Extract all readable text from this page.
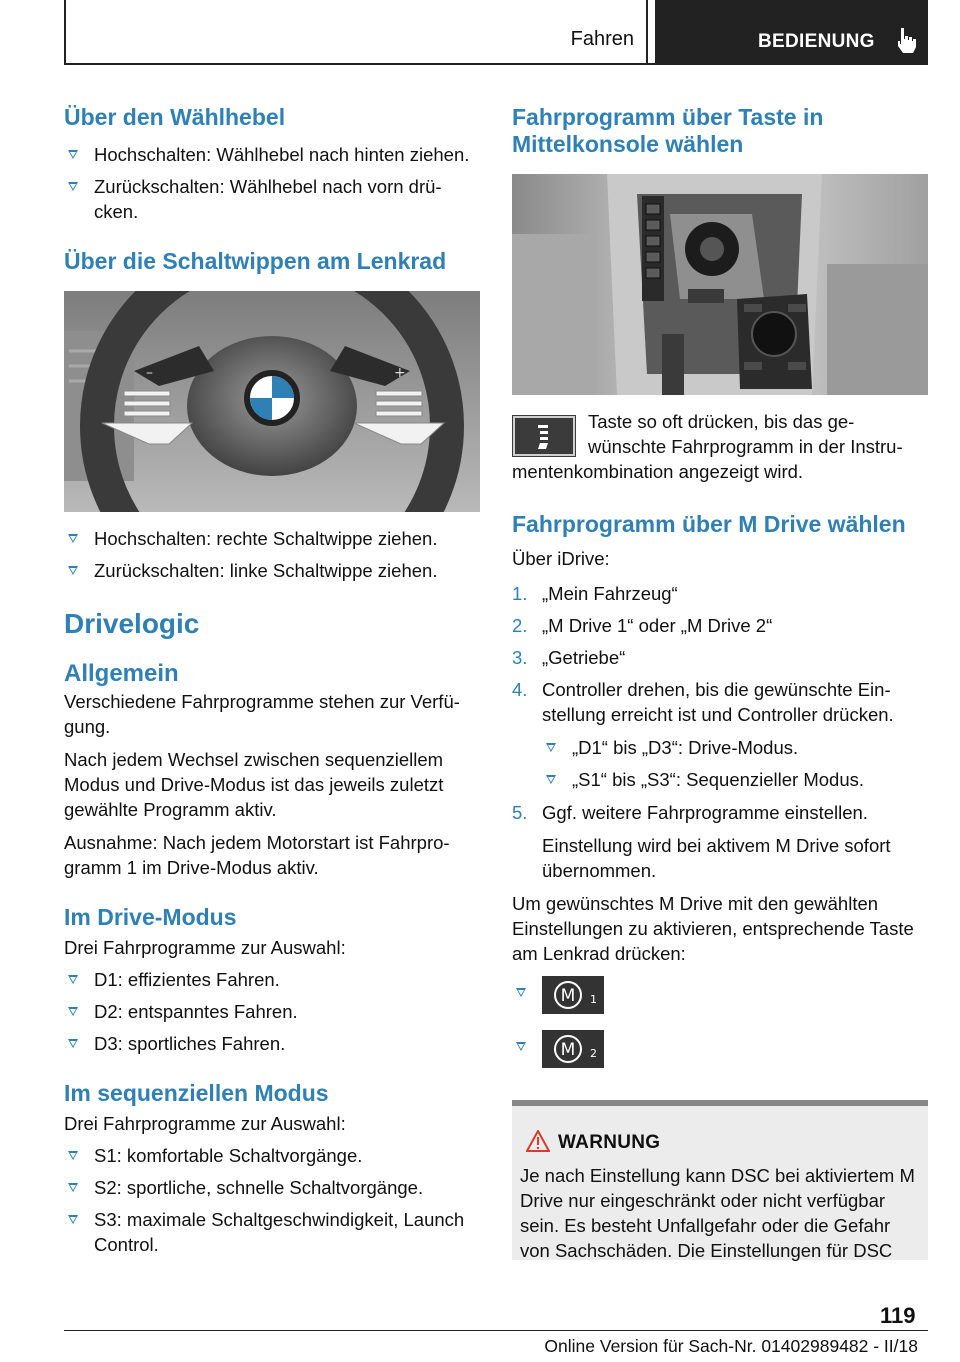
Fahren	BEDIENUNG
Über den Wählhebel
Hochschalten: Wählhebel nach hinten ziehen.
Zurückschalten: Wählhebel nach vorn drü-cken.
Über die Schaltwippen am Lenkrad
–	+
Hochschalten: rechte Schaltwippe ziehen.
Zurückschalten: linke Schaltwippe ziehen.
Drivelogic
Allgemein
Verschiedene Fahrprogramme stehen zur Verfü-gung.
Nach jedem Wechsel zwischen sequenziellem Modus und Drive-Modus ist das jeweils zuletzt gewählte Programm aktiv.
Ausnahme: Nach jedem Motorstart ist Fahrpro-gramm 1 im Drive-Modus aktiv.
Im Drive-Modus
Drei Fahrprogramme zur Auswahl:
D1: effizientes Fahren.
D2: entspanntes Fahren.
D3: sportliches Fahren.
Im sequenziellen Modus
Drei Fahrprogramme zur Auswahl:
S1: komfortable Schaltvorgänge.
S2: sportliche, schnelle Schaltvorgänge.
S3: maximale Schaltgeschwindigkeit, Launch Control.
Fahrprogramm über Taste in Mittelkonsole wählen
Taste so oft drücken, bis das ge-
wünschte Fahrprogramm in der Instru-
mentenkombination angezeigt wird.
Fahrprogramm über M Drive wählen
Über iDrive:
1. „Mein Fahrzeug“
2. „M Drive 1“ oder „M Drive 2“
3. „Getriebe“
4. Controller drehen, bis die gewünschte Ein-stellung erreicht ist und Controller drücken.
„D1“ bis „D3“: Drive-Modus.
„S1“ bis „S3“: Sequenzieller Modus.
5. Ggf. weitere Fahrprogramme einstellen.
Einstellung wird bei aktivem M Drive sofort übernommen.
Um gewünschtes M Drive mit den gewählten Einstellungen zu aktivieren, entsprechende Taste am Lenkrad drücken:
M 1
M 2
WARNUNG
Je nach Einstellung kann DSC bei aktiviertem M Drive nur eingeschränkt oder nicht verfügbar sein. Es besteht Unfallgefahr oder die Gefahr von Sachschäden. Die Einstellungen für DSC
119
Online Version für Sach-Nr. 01402989482 - II/18
